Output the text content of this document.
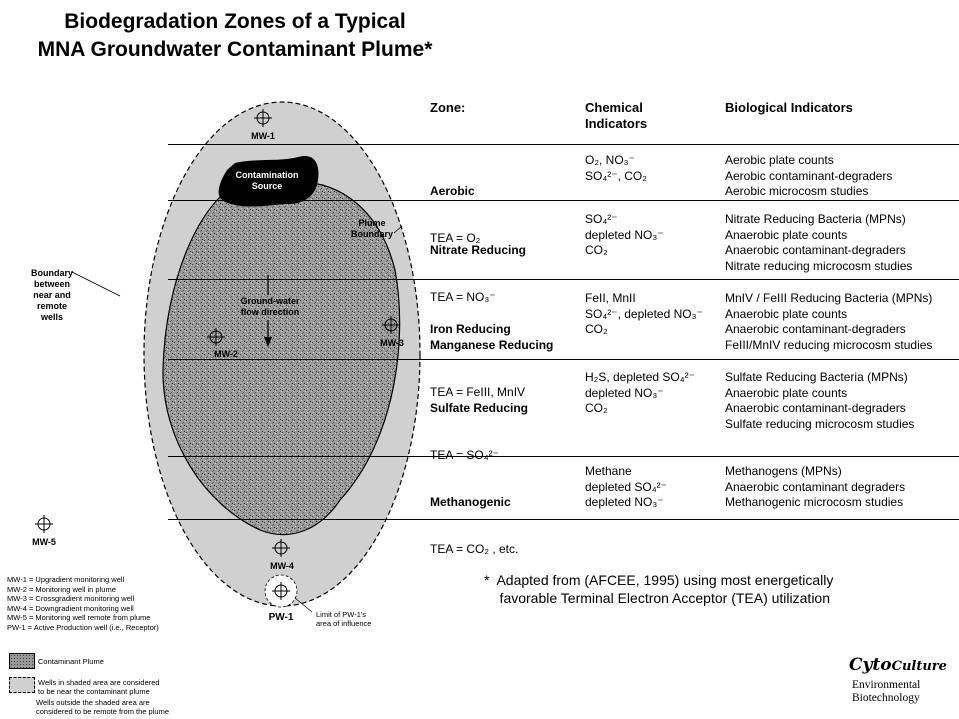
Biodegradation Zones of a Typical
MNA Groundwater Contaminant Plume*
Contamination
Source
Ground-water
flow direction
Plume
Boundary
Boundary
between
near and
remote
wells
MW-1
MW-2
MW-3
MW-4
MW-5
PW-1	Limit of PW-1's
area of influence
Zone:	Chemical
Indicators
Biological Indicators

Aerobic

TEA = O₂

O₂, NO₃⁻
SO₄²⁻, CO₂
Aerobic plate counts
Aerobic contaminant-degraders
Aerobic microcosm studies

Nitrate Reducing

TEA = NO₃⁻

SO₄²⁻
depleted NO₃⁻
CO₂
Nitrate Reducing Bacteria (MPNs)
Anaerobic plate counts
Anaerobic contaminant-degraders
Nitrate reducing microcosm studies

Iron Reducing
Manganese Reducing

TEA = FeIII, MnIV

FeII, MnII
SO₄²⁻, depleted NO₃⁻
CO₂
MnIV / FeIII Reducing Bacteria (MPNs)
Anaerobic plate counts
Anaerobic contaminant-degraders
FeIII/MnIV reducing microcosm studies

Sulfate Reducing

TEA = SO₄²⁻

H₂S, depleted SO₄²⁻
depleted NO₃⁻
CO₂
Sulfate Reducing Bacteria (MPNs)
Anaerobic plate counts
Anaerobic contaminant-degraders
Sulfate reducing microcosm studies

Methanogenic

TEA = CO₂ , etc.

Methane
depleted SO₄²⁻
depleted NO₃⁻
Methanogens (MPNs)
Anaerobic contaminant degraders
Methanogenic microcosm studies
*  Adapted from (AFCEE, 1995) using most energetically
favorable Terminal Electron Acceptor (TEA) utilization
MW-1 = Upgradient monitoring well
MW-2 = Monitoring well in plume
MW-3 = Crossgradient monitoring well
MW-4 = Downgradient monitoring well
MW-5 = Monitoring well remote from plume
PW-1 = Active Production well (i.e., Receptor)
Contaminant Plume
Wells in shaded area are considered
to be near the contaminant plume
Wells outside the shaded area are
considered to be remote from the plume
CytoCulture
Environmental
Biotechnology
